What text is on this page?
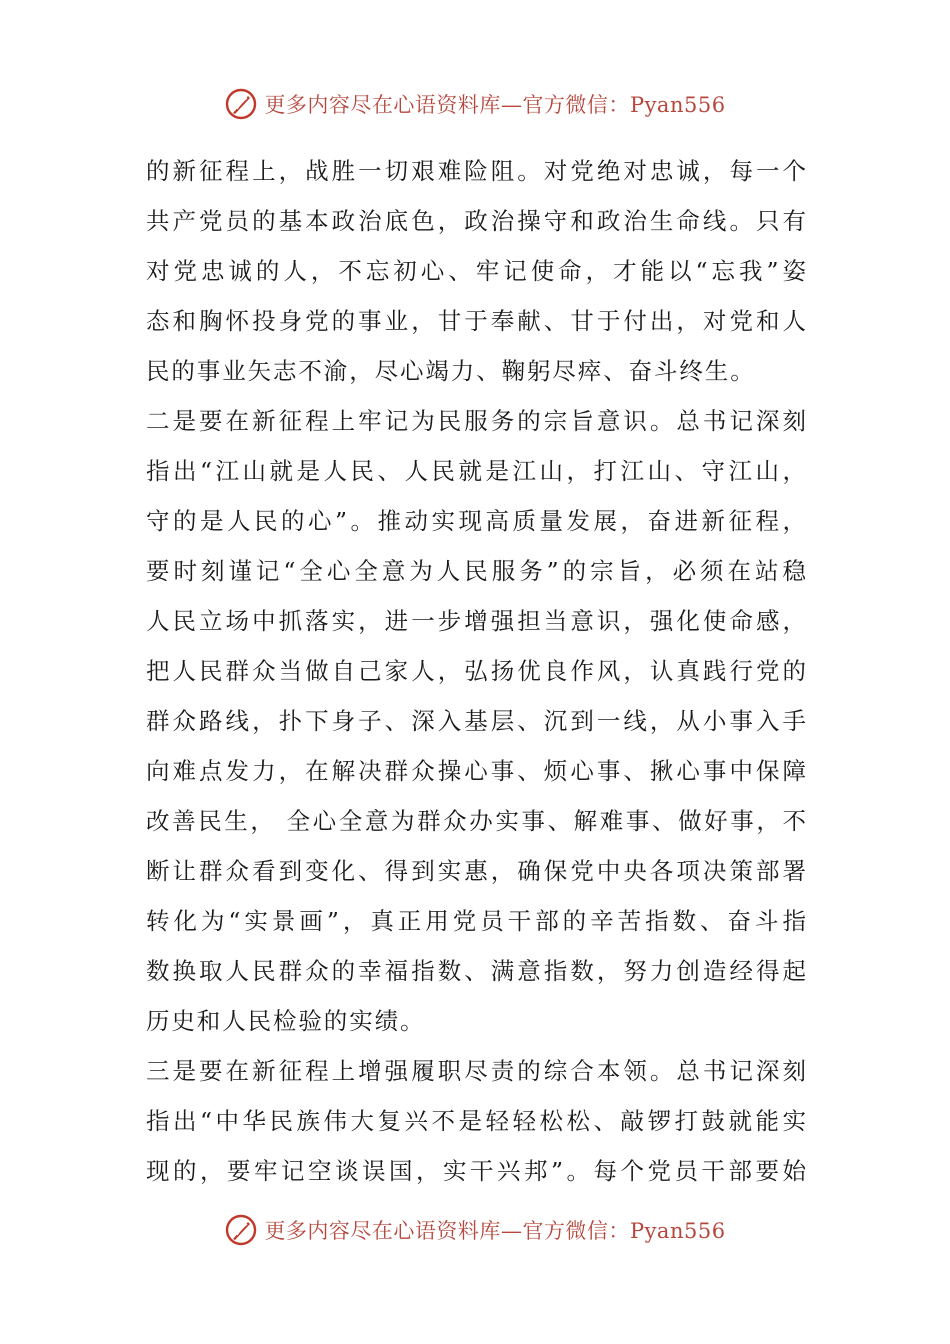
更多内容尽在心语资料库—官方微信：Pyan556
的新征程上，战胜一切艰难险阻。对党绝对忠诚，每一个
共产党员的基本政治底色，政治操守和政治生命线。只有
对党忠诚的人，不忘初心、牢记使命，才能以“忘我”姿
态和胸怀投身党的事业，甘于奉献、甘于付出，对党和人
民的事业矢志不渝，尽心竭力、鞠躬尽瘁、奋斗终生。
二是要在新征程上牢记为民服务的宗旨意识。总书记深刻
指出“江山就是人民、人民就是江山，打江山、守江山，
守的是人民的心”。推动实现高质量发展，奋进新征程，
要时刻谨记“全心全意为人民服务”的宗旨，必须在站稳
人民立场中抓落实，进一步增强担当意识，强化使命感，
把人民群众当做自己家人，弘扬优良作风，认真践行党的
群众路线，扑下身子、深入基层、沉到一线，从小事入手
向难点发力，在解决群众操心事、烦心事、揪心事中保障
改善民生， 全心全意为群众办实事、解难事、做好事，不
断让群众看到变化、得到实惠，确保党中央各项决策部署
转化为“实景画”，真正用党员干部的辛苦指数、奋斗指
数换取人民群众的幸福指数、满意指数，努力创造经得起
历史和人民检验的实绩。
三是要在新征程上增强履职尽责的综合本领。总书记深刻
指出“中华民族伟大复兴不是轻轻松松、敲锣打鼓就能实
现的，要牢记空谈误国，实干兴邦”。每个党员干部要始
更多内容尽在心语资料库—官方微信：Pyan556
